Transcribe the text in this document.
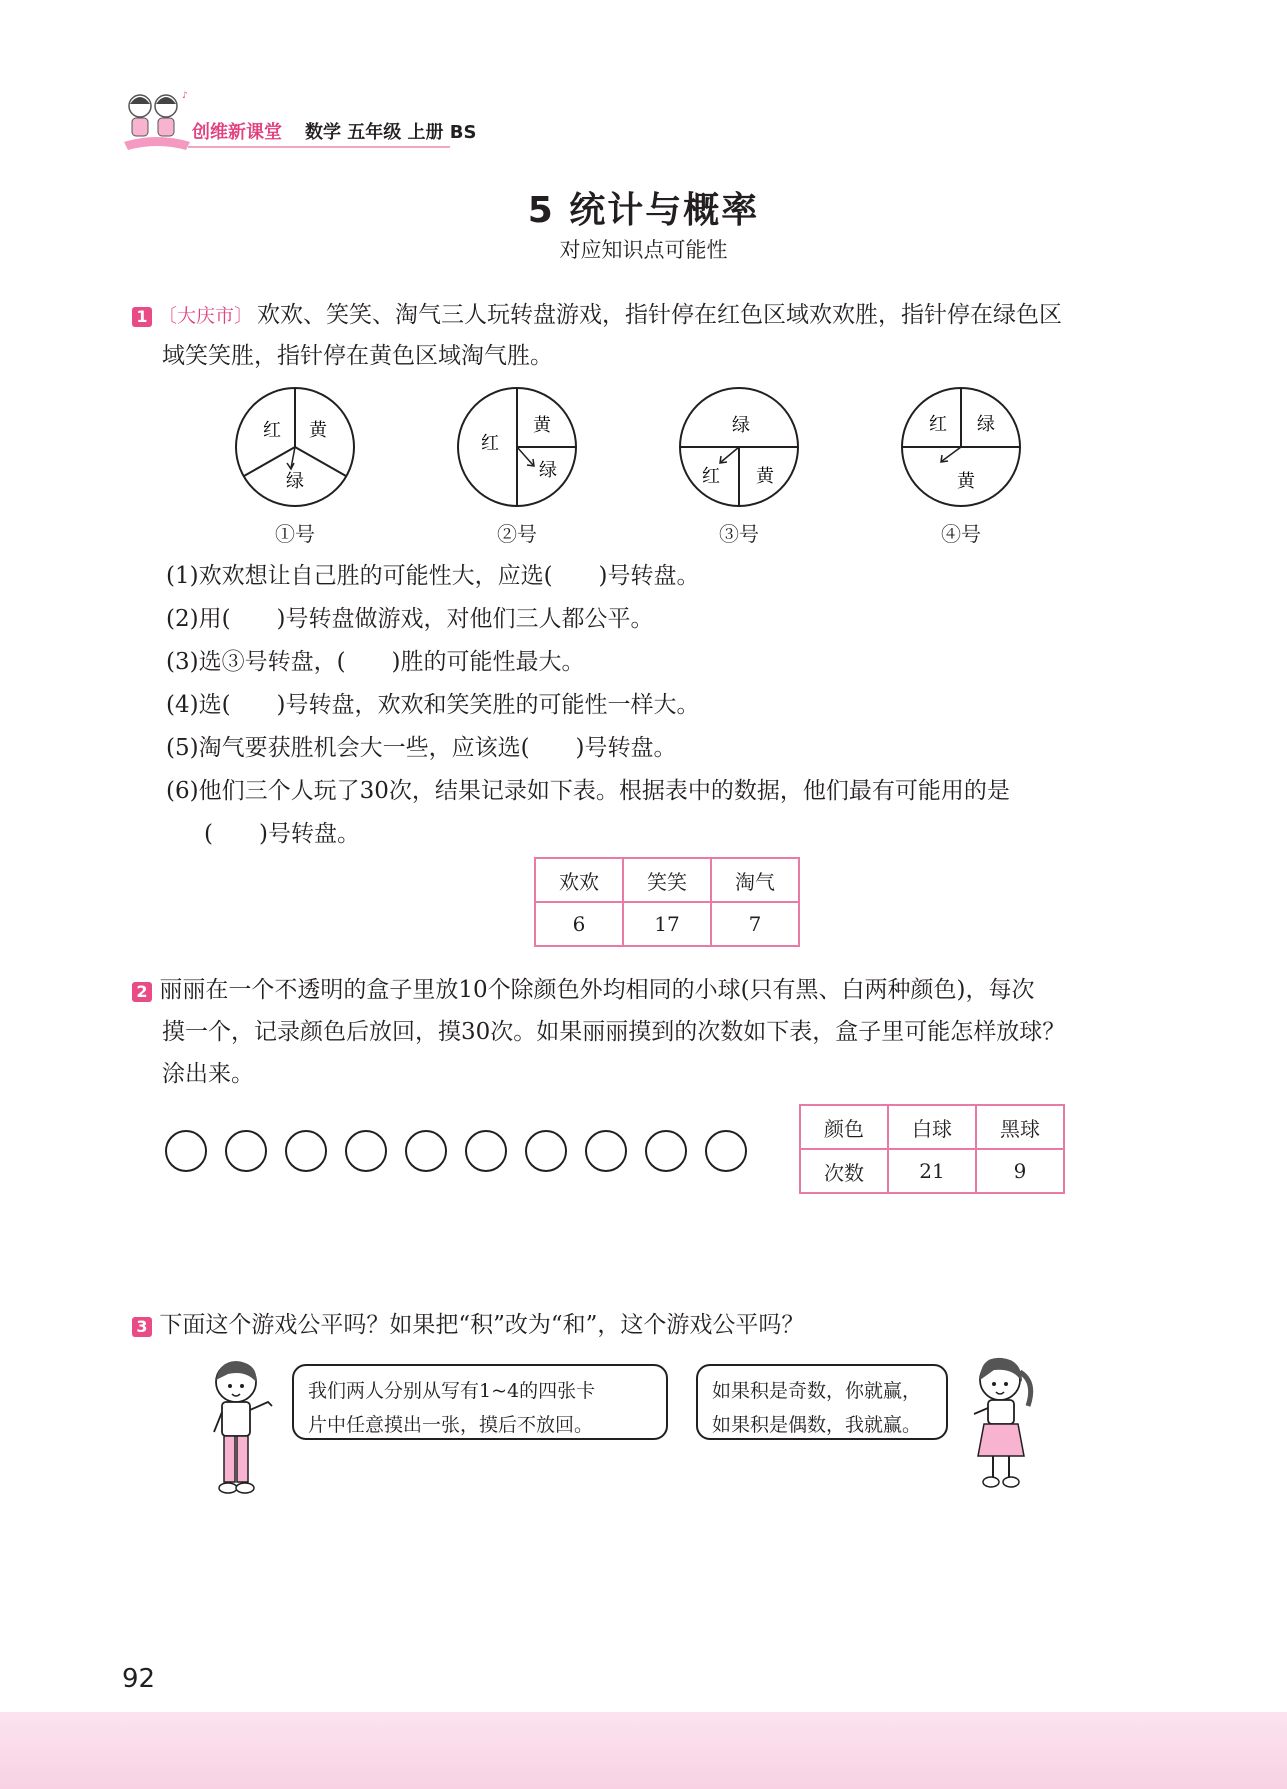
♪
创维新课堂 数学 五年级 上册 BS
5 统计与概率
对应知识点可能性
1 〔大庆市〕 欢欢、笑笑、淘气三人玩转盘游戏，指针停在红色区域欢欢胜，指针停在绿色区
域笑笑胜，指针停在黄色区域淘气胜。
红 黄
绿
①号
红
黄
绿
②号
绿
红 黄
③号
红 绿
黄
④号
(1)欢欢想让自己胜的可能性大，应选(　　)号转盘。
(2)用(　　)号转盘做游戏，对他们三人都公平。
(3)选③号转盘，(　　)胜的可能性最大。
(4)选(　　)号转盘，欢欢和笑笑胜的可能性一样大。
(5)淘气要获胜机会大一些，应该选(　　)号转盘。
(6)他们三个人玩了30次，结果记录如下表。根据表中的数据，他们最有可能用的是
(　　)号转盘。
欢欢	笑笑	淘气
6	17	7
2 丽丽在一个不透明的盒子里放10个除颜色外均相同的小球(只有黑、白两种颜色)，每次
摸一个，记录颜色后放回，摸30次。如果丽丽摸到的次数如下表，盒子里可能怎样放球？
涂出来。
颜色	白球	黑球
次数	21	9
3 下面这个游戏公平吗？如果把“积”改为“和”，这个游戏公平吗？
我们两人分别从写有1~4的四张卡
片中任意摸出一张，摸后不放回。
如果积是奇数，你就赢，
如果积是偶数，我就赢。
92
